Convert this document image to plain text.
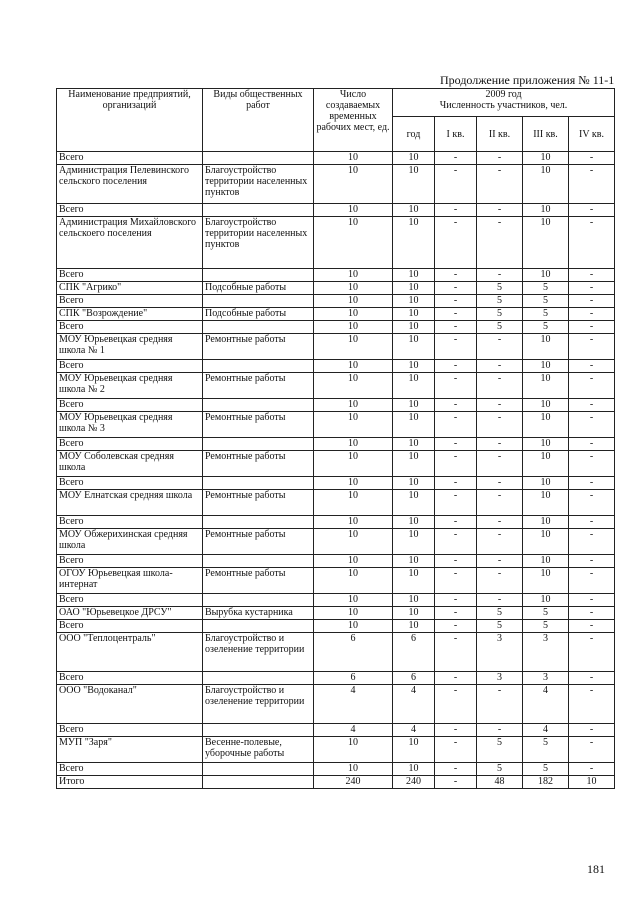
Продолжение приложения № 11-1
Наименование предприятий, организаций	Виды общественных работ	Число создаваемых временных рабочих мест, ед.	2009 год
Численность участников, чел.				

			год	I кв.	II кв.	III кв.	IV кв.
Всего		10	10	-	-	10	-
Администрация Пелевинского сельского поселения	Благоустройство территории населенных пунктов	10	10	-	-	10	-
Всего		10	10	-	-	10	-
Администрация Михайловского сельскоего поселения	Благоустройство территории населенных пунктов	10	10	-	-	10	-
Всего		10	10	-	-	10	-
СПК "Агрико"	Подсобные работы	10	10	-	5	5	-
Всего		10	10	-	5	5	-
СПК "Возрождение"	Подсобные работы	10	10	-	5	5	-
Всего		10	10	-	5	5	-
МОУ Юрьевецкая средняя школа № 1	Ремонтные работы	10	10	-	-	10	-
Всего		10	10	-	-	10	-
МОУ Юрьевецкая средняя школа № 2	Ремонтные работы	10	10	-	-	10	-
Всего		10	10	-	-	10	-
МОУ Юрьевецкая средняя школа № 3	Ремонтные работы	10	10	-	-	10	-
Всего		10	10	-	-	10	-
МОУ Соболевская средняя школа	Ремонтные работы	10	10	-	-	10	-
Всего		10	10	-	-	10	-
МОУ Елнатская средняя школа	Ремонтные работы	10	10	-	-	10	-
Всего		10	10	-	-	10	-
МОУ Обжерихинская средняя школа	Ремонтные работы	10	10	-	-	10	-
Всего		10	10	-	-	10	-
ОГОУ Юрьевецкая школа-интернат	Ремонтные работы	10	10	-	-	10	-
Всего		10	10	-	-	10	-
ОАО "Юрьевецкое ДРСУ"	Вырубка кустарника	10	10	-	5	5	-
Всего		10	10	-	5	5	-
ООО "Теплоцентраль"	Благоустройство и озеленение территории	6	6	-	3	3	-
Всего		6	6	-	3	3	-
ООО "Водоканал"	Благоустройство и озеленение территории	4	4	-	-	4	-
Всего		4	4	-	-	4	-
МУП "Заря"	Весенне-полевые, уборочные работы	10	10	-	5	5	-
Всего		10	10	-	5	5	-
Итого		240	240	-	48	182	10
181
